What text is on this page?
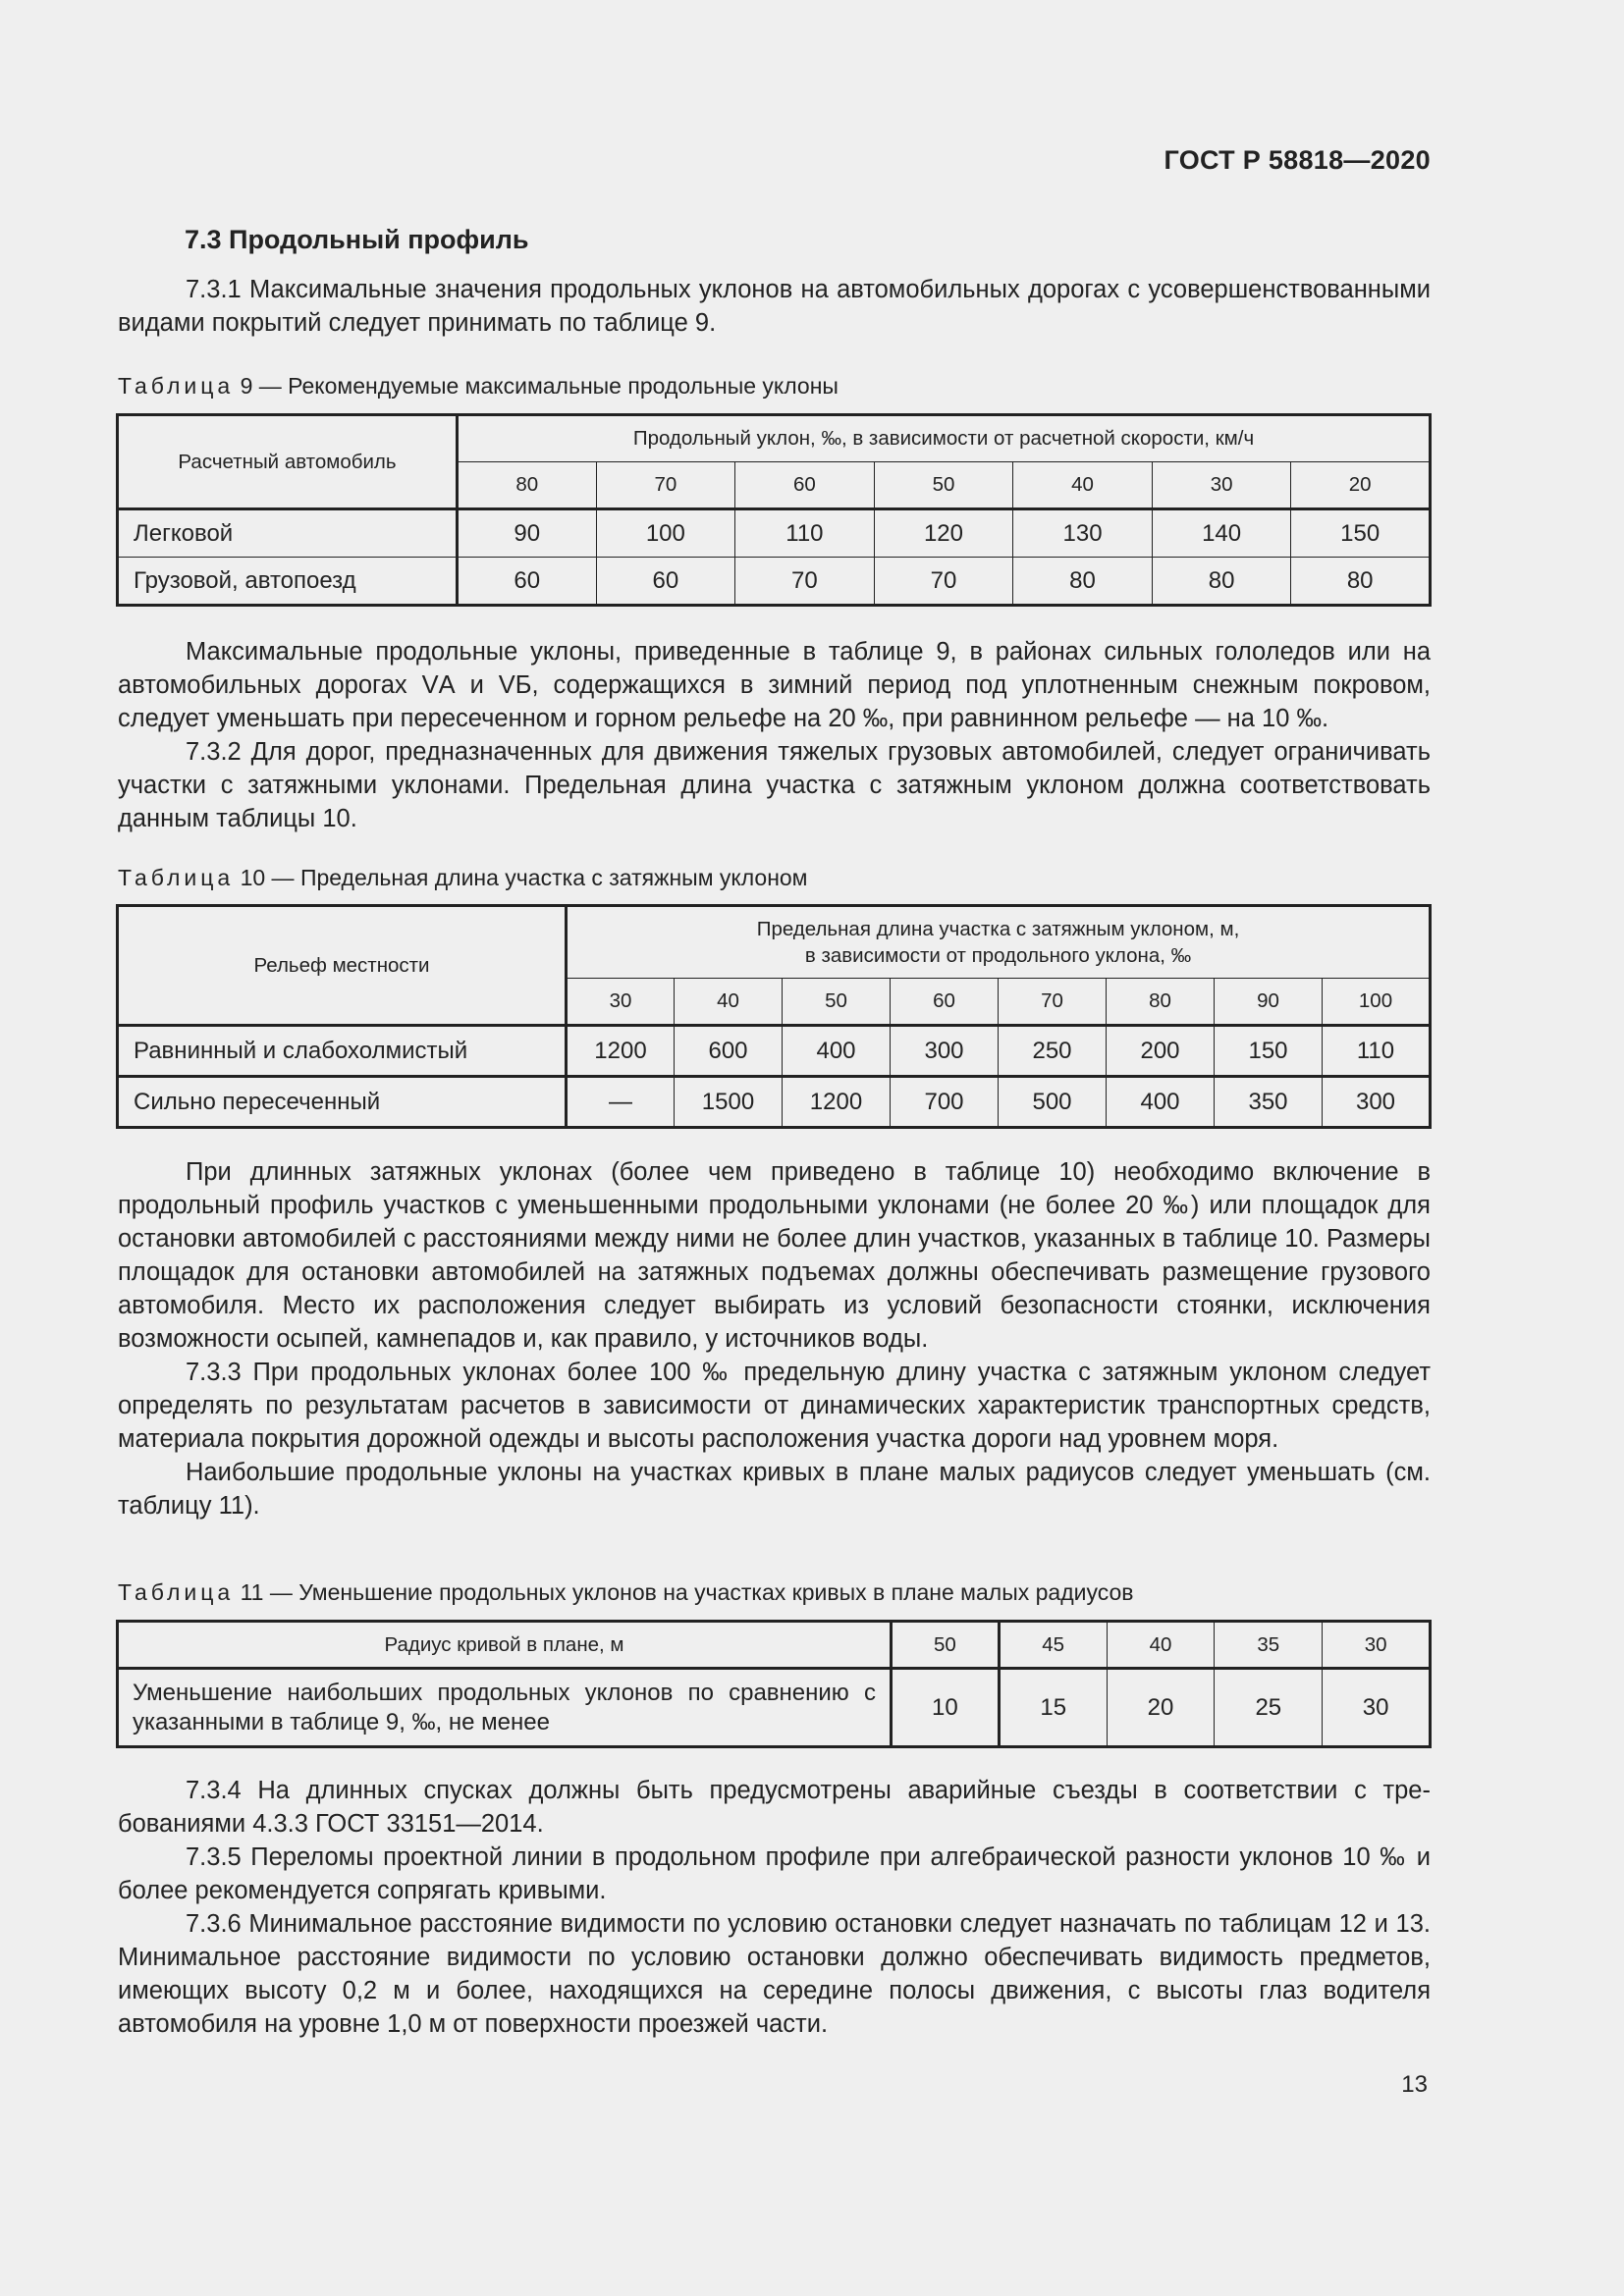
ГОСТ Р 58818—2020
7.3 Продольный профиль

7.3.1 Максимальные значения продольных уклонов на автомобильных дорогах с усовершенствованными видами покрытий следует принимать по таблице 9.

Таблица 9 — Рекомендуемые максимальные продольные уклоны
Расчетный автомобиль	Продольный уклон, ‰, в зависимости от расчетной скорости, км/ч						
	80	70	60	50	40	30	20
Легковой	90	100	110	120	130	140	150
Грузовой, автопоезд	60	60	70	70	80	80	80

Максимальные продольные уклоны, приведенные в таблице 9, в районах сильных гололедов или на автомобильных дорогах VА и VБ, содержащихся в зимний период под уплотненным снежным покровом, следует уменьшать при пересеченном и горном рельефе на 20 ‰, при равнинном рельефе — на 10 ‰.

7.3.2 Для дорог, предназначенных для движения тяжелых грузовых автомобилей, следует ограничивать участки с затяжными уклонами. Предельная длина участка с затяжным уклоном должна соответствовать данным таблицы 10.

Таблица 10 — Предельная длина участка с затяжным уклоном
Рельеф местности	Предельная длина участка с затяжным уклоном, м,
в зависимости от продольного уклона, ‰							
	30	40	50	60	70	80	90	100
Равнинный и слабохолмистый	1200	600	400	300	250	200	150	110
Сильно пересеченный	—	1500	1200	700	500	400	350	300

При длинных затяжных уклонах (более чем приведено в таблице 10) необходимо включение в продольный профиль участков с уменьшенными продольными уклонами (не более 20 ‰) или площадок для остановки автомобилей с расстояниями между ними не более длин участков, указанных в таблице 10. Размеры площадок для остановки автомобилей на затяжных подъемах должны обеспечивать размещение грузового автомобиля. Место их расположения следует выбирать из условий безопасности стоянки, исключения возможности осыпей, камнепадов и, как правило, у источников воды.

7.3.3 При продольных уклонах более 100 ‰ предельную длину участка с затяжным уклоном следует определять по результатам расчетов в зависимости от динамических характеристик транспортных средств, материала покрытия дорожной одежды и высоты расположения участка дороги над уровнем моря.

Наибольшие продольные уклоны на участках кривых в плане малых радиусов следует уменьшать (см. таблицу 11).

Таблица 11 — Уменьшение продольных уклонов на участках кривых в плане малых радиусов
Радиус кривой в плане, м	50	45	40	35	30
Уменьшение наибольших продольных уклонов по сравнению с указанными в таблице 9, ‰, не менее	10	15	20	25	30

7.3.4 На длинных спусках должны быть предусмотрены аварийные съезды в соответствии с требованиями 4.3.3 ГОСТ 33151—2014.

7.3.5 Переломы проектной линии в продольном профиле при алгебраической разности уклонов 10 ‰ и более рекомендуется сопрягать кривыми.

7.3.6 Минимальное расстояние видимости по условию остановки следует назначать по таблицам 12 и 13. Минимальное расстояние видимости по условию остановки должно обеспечивать видимость предметов, имеющих высоту 0,2 м и более, находящихся на середине полосы движения, с высоты глаз водителя автомобиля на уровне 1,0 м от поверхности проезжей части.

13
